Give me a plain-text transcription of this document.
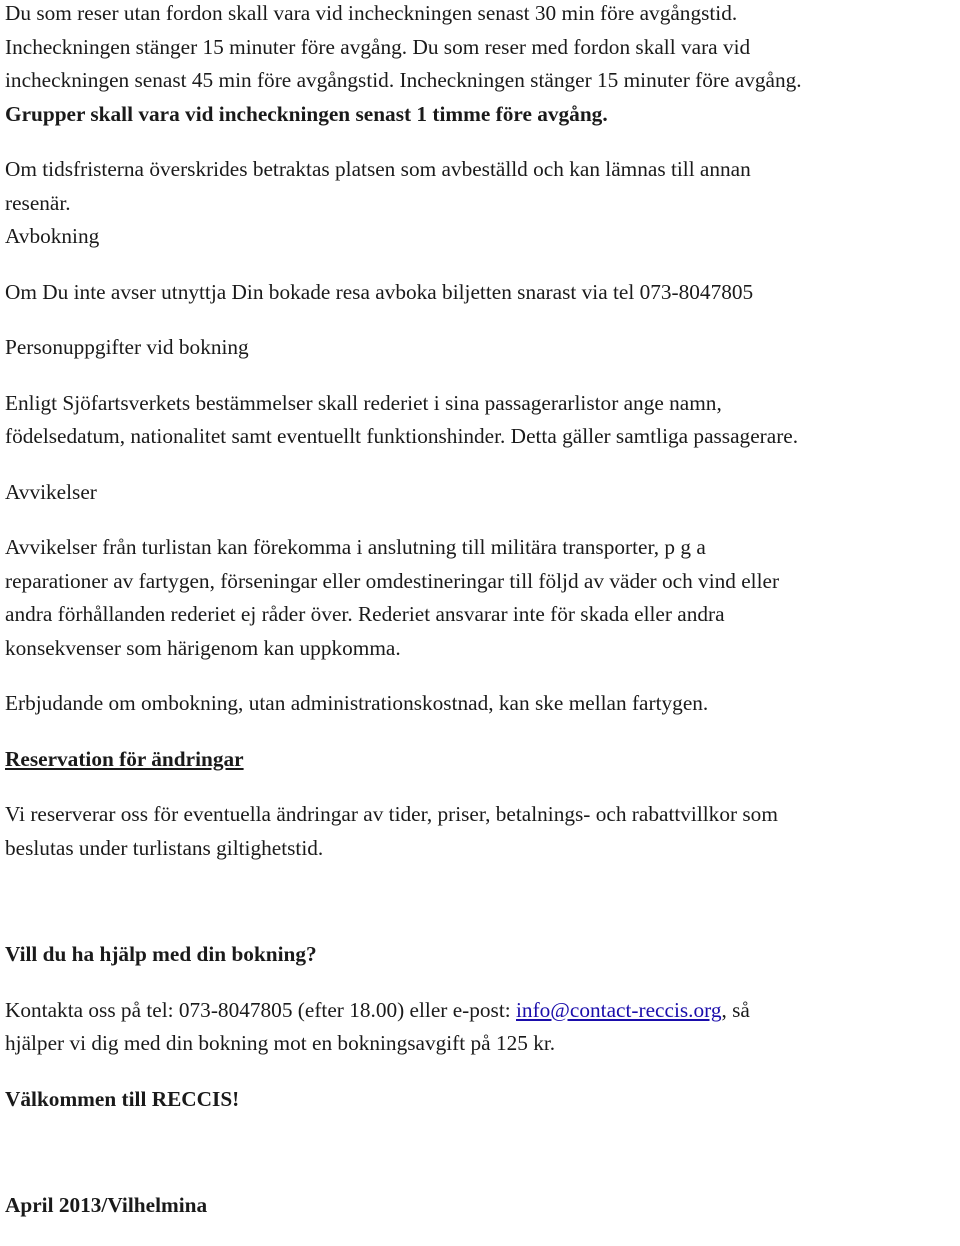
Du som reser utan fordon skall vara vid incheckningen senast 30 min före avgångstid.
Incheckningen stänger 15 minuter före avgång. Du som reser med fordon skall vara vid
incheckningen senast 45 min före avgångstid. Incheckningen stänger 15 minuter före avgång.
Grupper skall vara vid incheckningen senast 1 timme före avgång.

Om tidsfristerna överskrides betraktas platsen som avbeställd och kan lämnas till annan
resenär.

Avbokning

Om Du inte avser utnyttja Din bokade resa avboka biljetten snarast via tel 073-8047805

Personuppgifter vid bokning

Enligt Sjöfartsverkets bestämmelser skall rederiet i sina passagerarlistor ange namn,
födelsedatum, nationalitet samt eventuellt funktionshinder. Detta gäller samtliga passagerare.

Avvikelser

Avvikelser från turlistan kan förekomma i anslutning till militära transporter, p g a
reparationer av fartygen, förseningar eller omdestineringar till följd av väder och vind eller
andra förhållanden rederiet ej råder över. Rederiet ansvarar inte för skada eller andra
konsekvenser som härigenom kan uppkomma.

Erbjudande om ombokning, utan administrationskostnad, kan ske mellan fartygen.

Reservation för ändringar

Vi reserverar oss för eventuella ändringar av tider, priser, betalnings- och rabattvillkor som
beslutas under turlistans giltighetstid.

Vill du ha hjälp med din bokning?

Kontakta oss på tel: 073-8047805 (efter 18.00) eller e-post: info@contact-reccis.org, så
hjälper vi dig med din bokning mot en bokningsavgift på 125 kr.

Välkommen till RECCIS!

April 2013/Vilhelmina
